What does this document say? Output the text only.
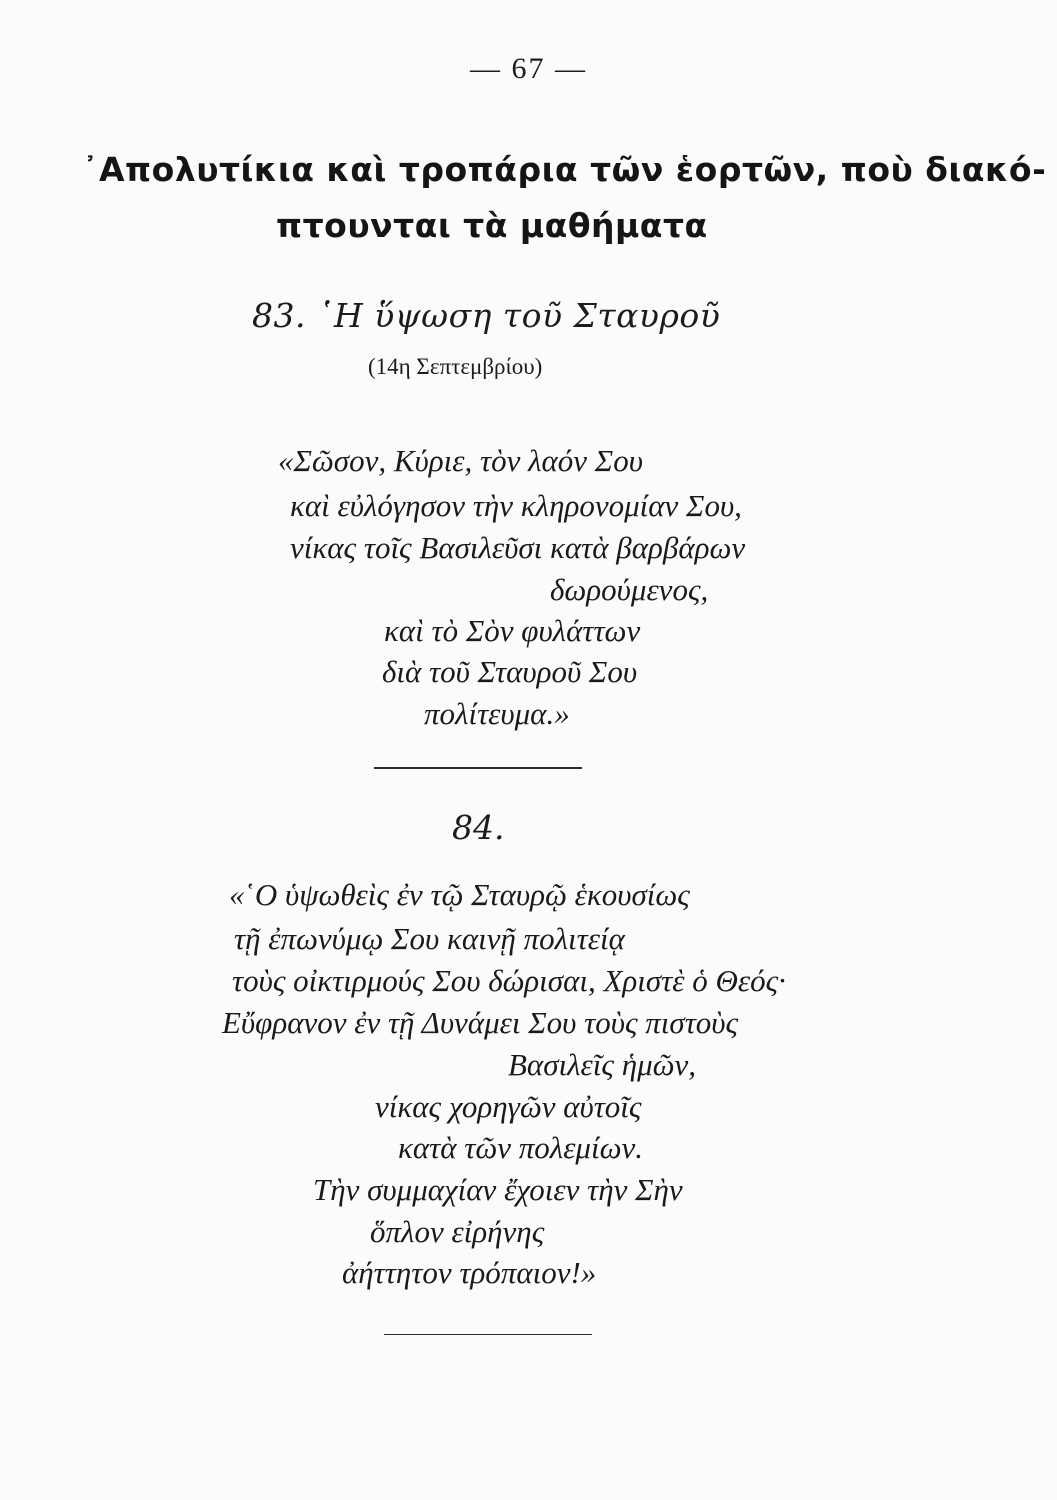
— 67 —
᾿Απολυτίκια καὶ τροπάρια τῶν ἑορτῶν, ποὺ διακό-
πτουνται τὰ μαθήματα
83. ῾Η ὕψωση τοῦ Σταυροῦ
(14η Σεπτεμβρίου)
«Σῶσον, Κύριε, τὸν λαόν Σου
καὶ εὐλόγησον τὴν κληρονομίαν Σου,
νίκας τοῖς Βασιλεῦσι κατὰ βαρβάρων
δωρούμενος,
καὶ τὸ Σὸν φυλάττων
διὰ τοῦ Σταυροῦ Σου
πολίτευμα.»
84.
«῾Ο ὑψωθεὶς ἐν τῷ Σταυρῷ ἑκουσίως
τῇ ἐπωνύμῳ Σου καινῇ πολιτείᾳ
τοὺς οἰκτιρμούς Σου δώρισαι, Χριστὲ ὁ Θεός·
Εὔφρανον ἐν τῇ Δυνάμει Σου τοὺς πιστοὺς
Βασιλεῖς ἡμῶν,
νίκας χορηγῶν αὐτοῖς
κατὰ τῶν πολεμίων.
Τὴν συμμαχίαν ἔχοιεν τὴν Σὴν
ὅπλον εἰρήνης
ἀήττητον τρόπαιον!»
